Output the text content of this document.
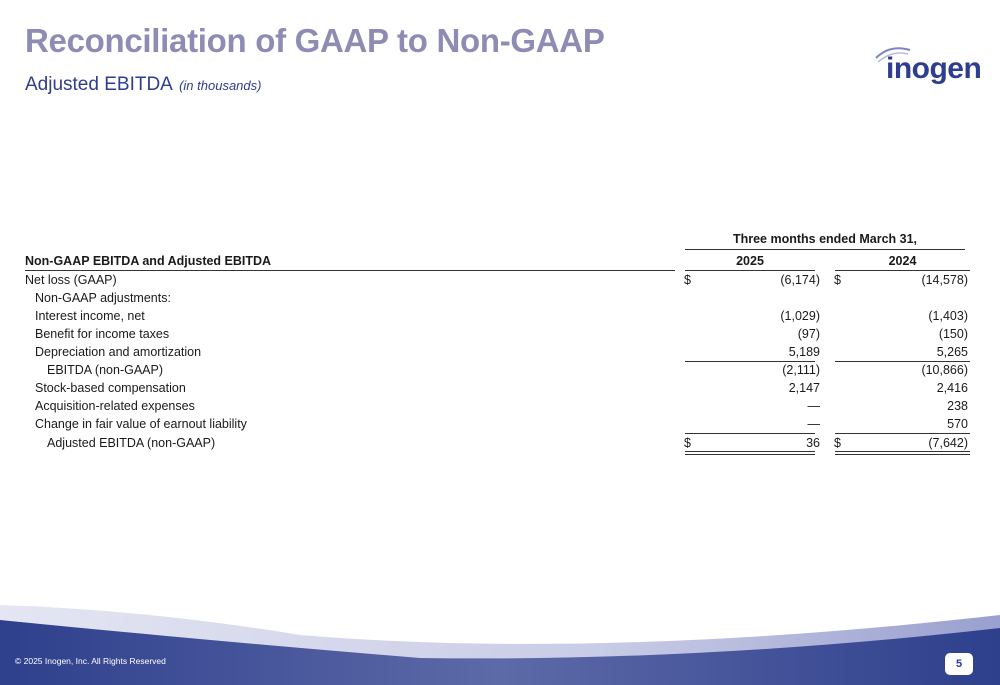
Reconciliation of GAAP to Non-GAAP
Adjusted EBITDA (in thousands)
inogen
Three months ended March 31,
Non-GAAP EBITDA and Adjusted EBITDA	2025	2024
Net loss (GAAP)	$	(6,174) $	(14,578)
Non-GAAP adjustments:
Interest income, net	(1,029)	(1,403)
Benefit for income taxes	(97)	(150)
Depreciation and amortization	5,189	5,265
EBITDA (non-GAAP)	(2,111)	(10,866)
Stock-based compensation	2,147	2,416
Acquisition-related expenses	—	238
Change in fair value of earnout liability	—	570
Adjusted EBITDA (non-GAAP)	$	36 $	(7,642)
© 2025 Inogen, Inc. All Rights Reserved	5
